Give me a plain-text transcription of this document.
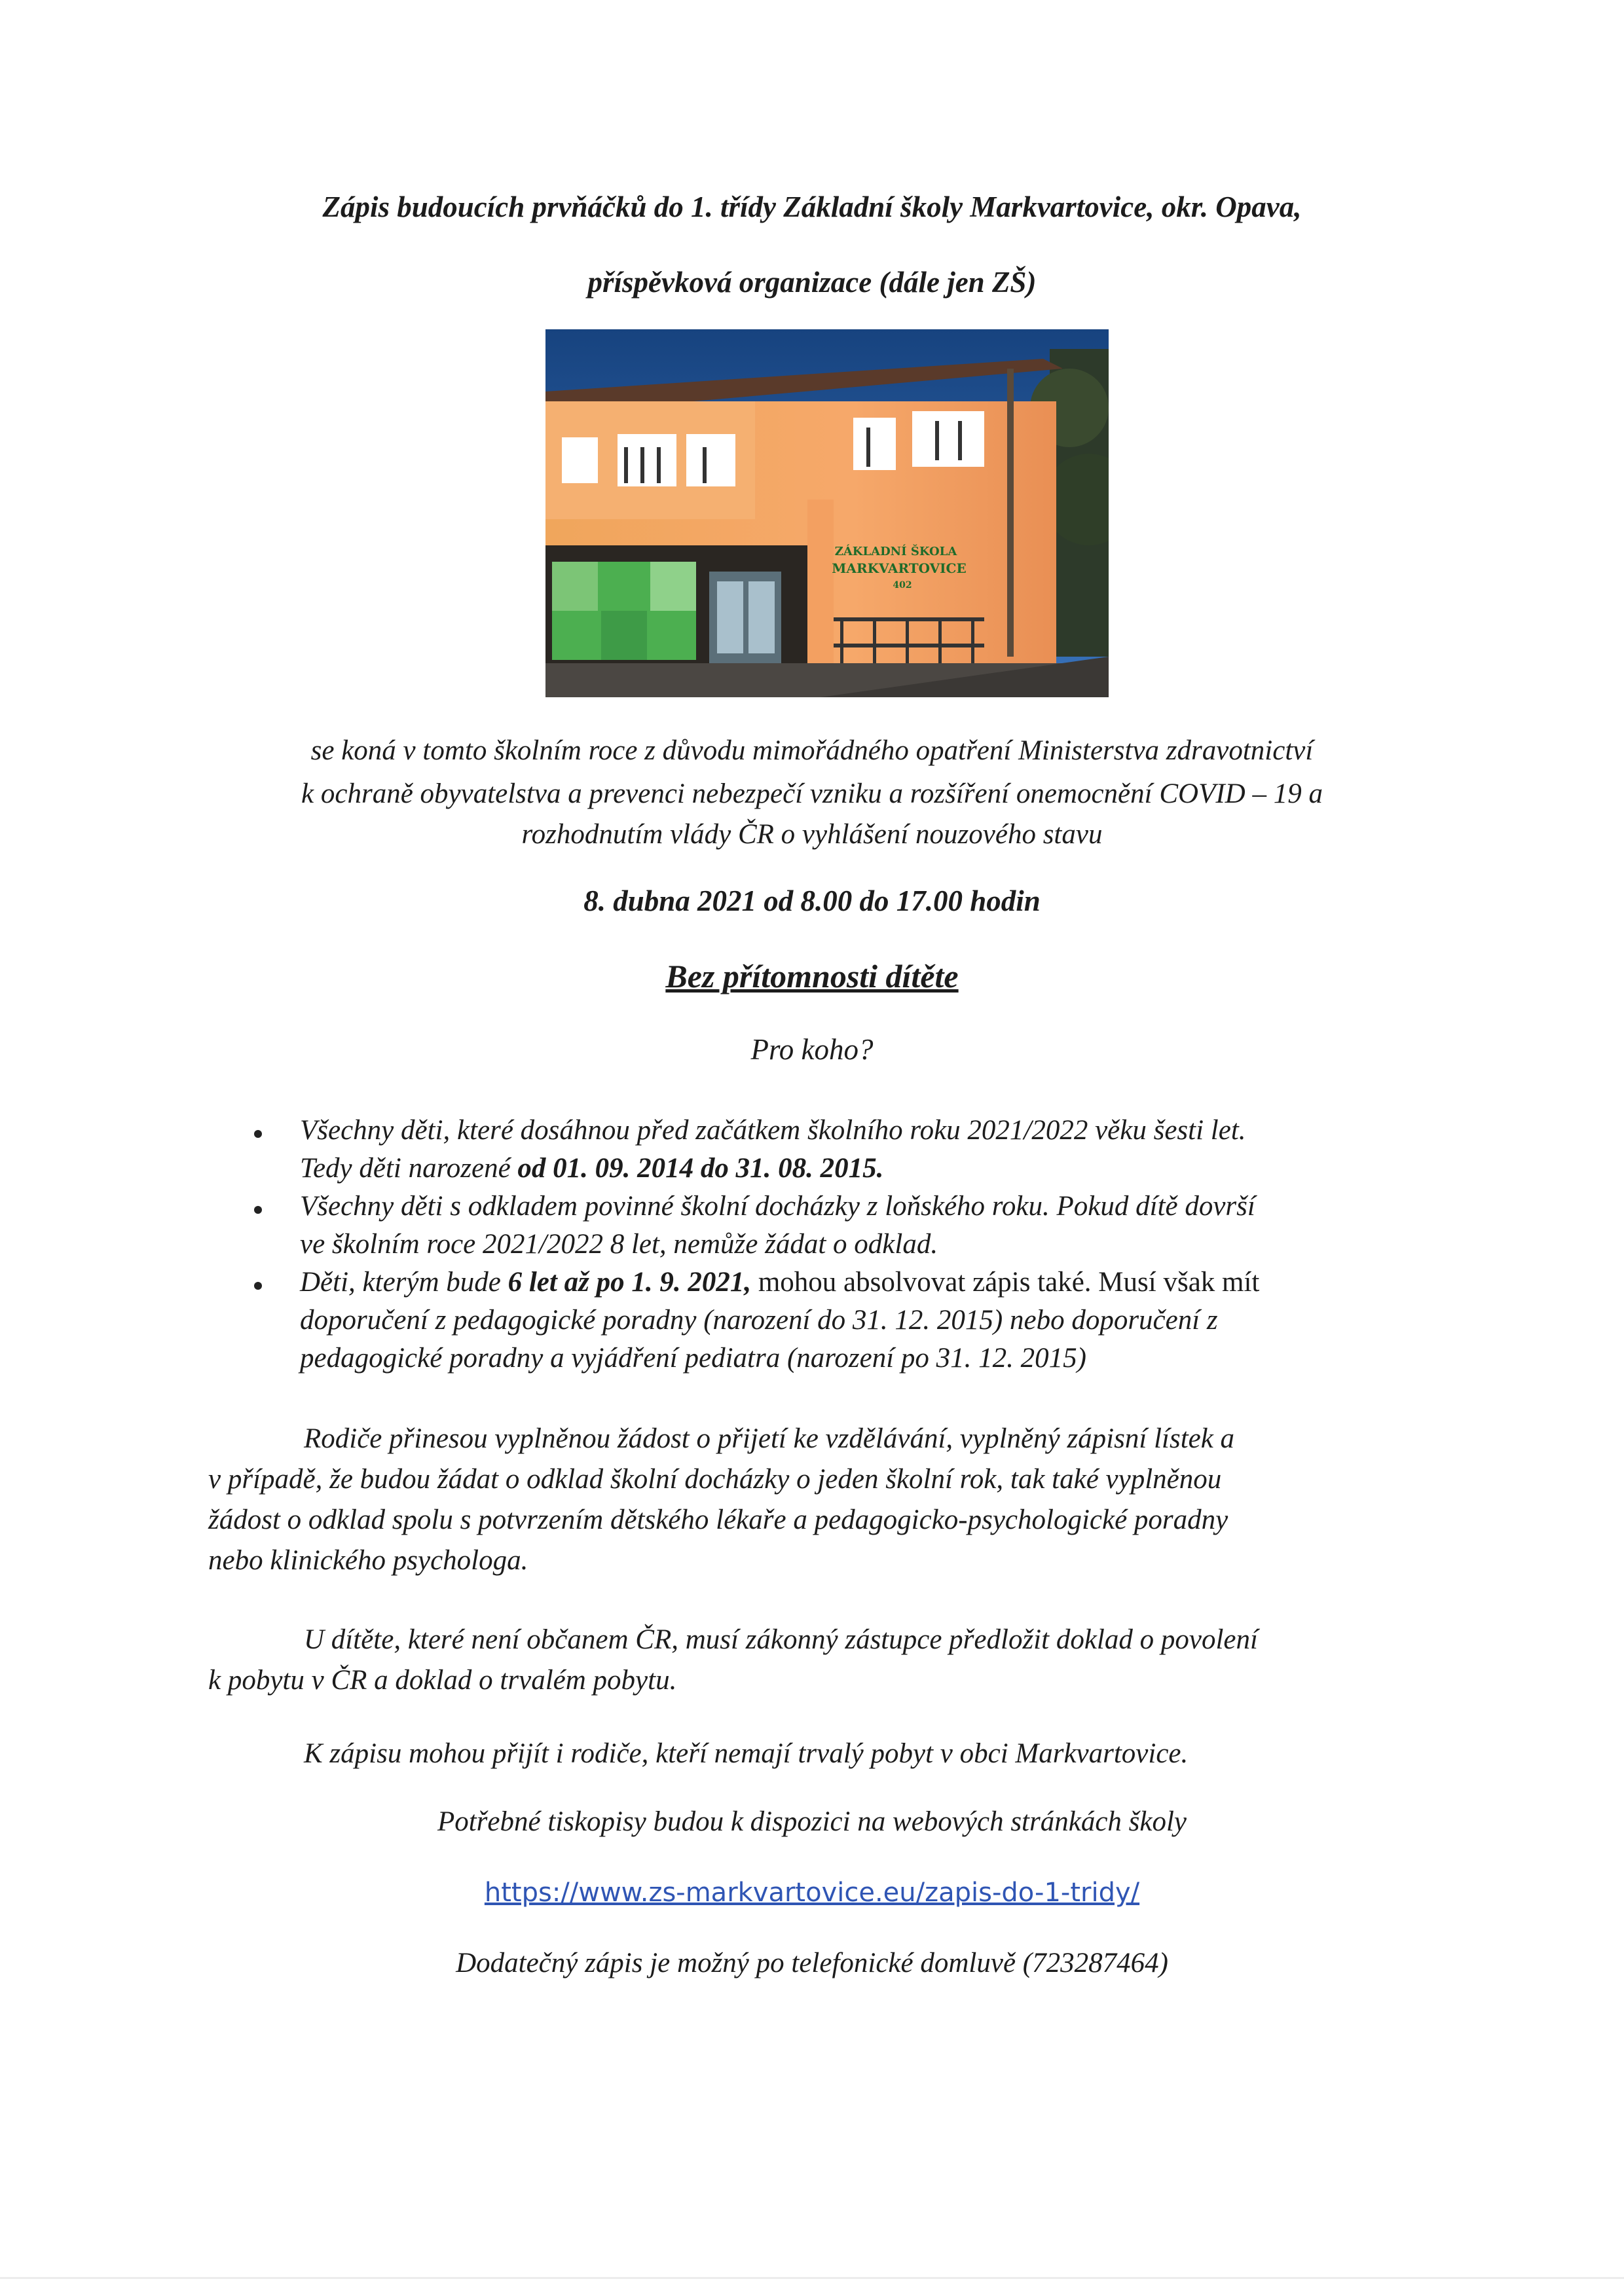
Zápis budoucích prvňáčků do 1. třídy Základní školy Markvartovice, okr. Opava,
příspěvková organizace (dále jen ZŠ)
ZÁKLADNÍ ŠKOLA
MARKVARTOVICE
402
se koná v tomto školním roce z důvodu mimořádného opatření Ministerstva zdravotnictví
k ochraně obyvatelstva a prevenci nebezpečí vzniku a rozšíření onemocnění COVID – 19 a
rozhodnutím vlády ČR o vyhlášení nouzového stavu
8. dubna 2021 od 8.00 do 17.00 hodin
Bez přítomnosti dítěte
Pro koho?
Všechny děti, které dosáhnou před začátkem školního roku 2021/2022 věku šesti let.
Tedy děti narozené od 01. 09. 2014 do 31. 08. 2015.
Všechny děti s odkladem povinné školní docházky z loňského roku. Pokud dítě dovrší
ve školním roce 2021/2022 8 let, nemůže žádat o odklad.
Děti, kterým bude 6 let až po 1. 9. 2021, mohou absolvovat zápis také. Musí však mít
doporučení z pedagogické poradny (narození do 31. 12. 2015) nebo doporučení z
pedagogické poradny a vyjádření pediatra (narození po 31. 12. 2015)
Rodiče přinesou vyplněnou žádost o přijetí ke vzdělávání, vyplněný zápisní lístek a
v případě, že budou žádat o odklad školní docházky o jeden školní rok, tak také vyplněnou
žádost o odklad spolu s potvrzením dětského lékaře a pedagogicko-psychologické poradny
nebo klinického psychologa.
U dítěte, které není občanem ČR, musí zákonný zástupce předložit doklad o povolení
k pobytu v ČR a doklad o trvalém pobytu.
K zápisu mohou přijít i rodiče, kteří nemají trvalý pobyt v obci Markvartovice.
Potřebné tiskopisy budou k dispozici na webových stránkách školy
https://www.zs-markvartovice.eu/zapis-do-1-tridy/
Dodatečný zápis je možný po telefonické domluvě (723287464)
